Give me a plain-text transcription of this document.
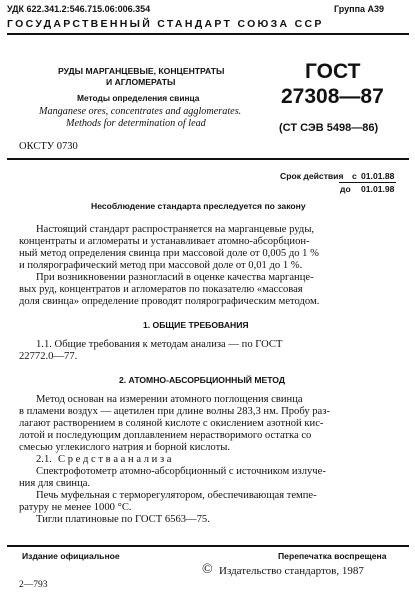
УДК 622.341.2:546.715.06:006.354	Группа А39
ГОСУДАРСТВЕННЫЙ СТАНДАРТ СОЮЗА ССР
РУДЫ МАРГАНЦЕВЫЕ, КОНЦЕНТРАТЫ
И АГЛОМЕРАТЫ
Методы определения свинца
Manganese ores, concentrates and agglomerates.
Methods for determination of lead
ГОСТ
27308—87
(СТ СЭВ 5498—86)
ОКСТУ 0730
Срок действия с 01.01.88
до 01.01.98
Несоблюдение стандарта преследуется по закону
Настоящий стандарт распространяется на марганцевые руды,
концентраты и агломераты и устанавливает атомно-абсорбцион-
ный метод определения свинца при массовой доле от 0,005 до 1 %
и полярографический метод при массовой доле от 0,01 до 1 %.
При возникновении разногласий в оценке качества марганце-
вых руд, концентратов и агломератов по показателю «массовая
доля свинца» определение проводят полярографическим методом.
1. ОБЩИЕ ТРЕБОВАНИЯ
1.1. Общие требования к методам анализа — по ГОСТ
22772.0—77.
2. АТОМНО-АБСОРБЦИОННЫЙ МЕТОД
Метод основан на измерении атомного поглощения свинца
в пламени воздух — ацетилен при длине волны 283,3 нм. Пробу раз-
лагают растворением в соляной кислоте с окислением азотной кис-
лотой и последующим доплавлением нерастворимого остатка со
смесью углекислого натрия и борной кислоты.
2.1. С р е д с т в а а н а л и з а
Спектрофотометр атомно-абсорбционный с источником излуче-
ния для свинца.
Печь муфельная с терморегулятором, обеспечивающая темпе-
ратуру не менее 1000 °С.
Тигли платиновые по ГОСТ 6563—75.
Издание официальное	Перепечатка воспрещена
© Издательство стандартов, 1987
2—793
